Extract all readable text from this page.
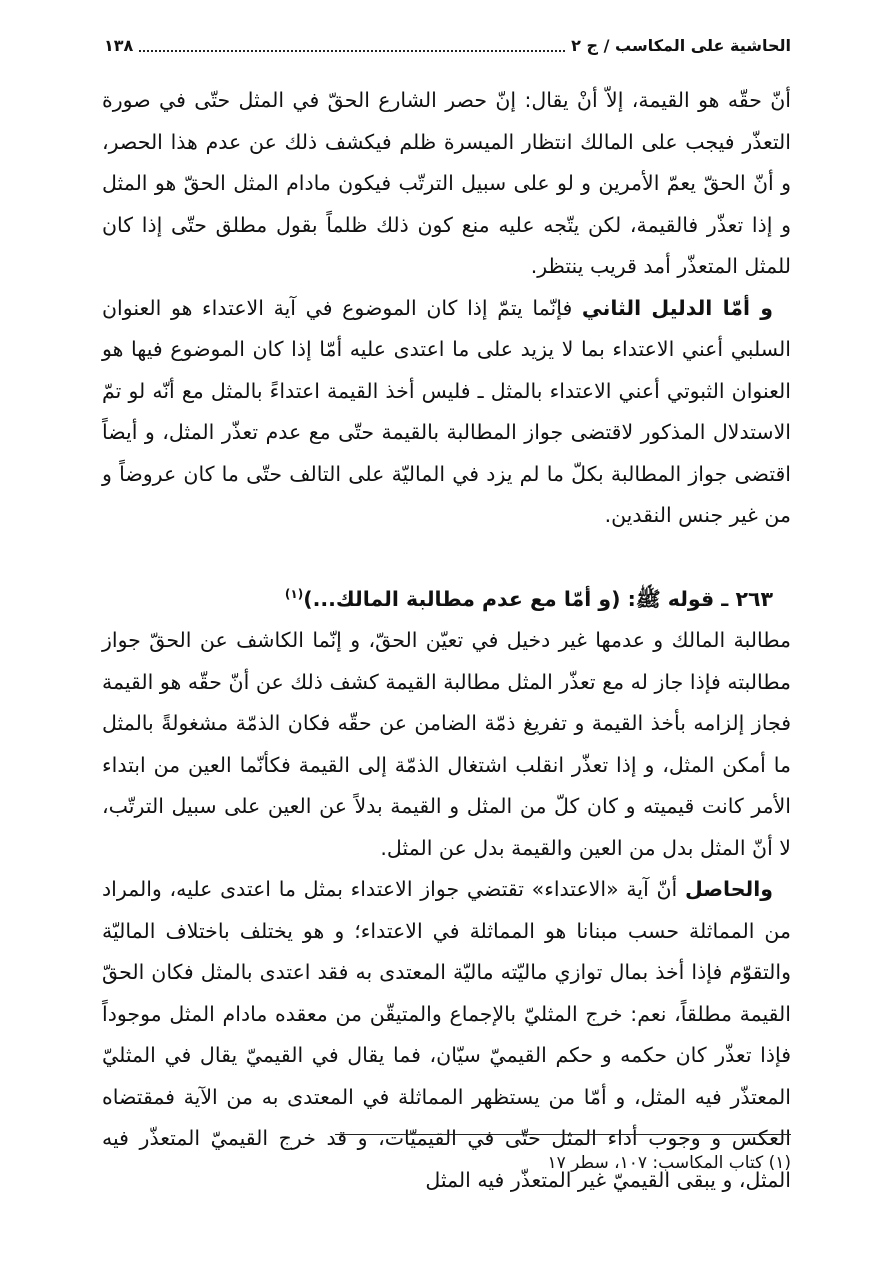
الحاشية على المكاسب / ج ٢
١٣٨

أنّ حقّه هو القيمة، إلاّ أنْ يقال: إنّ حصر الشارع الحقّ في المثل حتّى في صورة التعذّر فيجب على المالك انتظار الميسرة ظلم فيكشف ذلك عن عدم هذا الحصر، و أنّ الحقّ يعمّ الأمرين و لو على سبيل الترتّب فيكون مادام المثل الحقّ هو المثل و إذا تعذّر فالقيمة، لكن يتّجه عليه منع كون ذلك ظلماً بقول مطلق حتّى إذا كان للمثل المتعذّر أمد قريب ينتظر.

و أمّا الدليل الثاني فإنّما يتمّ إذا كان الموضوع في آية الاعتداء هو العنوان السلبي أعني الاعتداء بما لا يزيد على ما اعتدى عليه أمّا إذا كان الموضوع فيها هو العنوان الثبوتي أعني الاعتداء بالمثل ـ فليس أخذ القيمة اعتداءً بالمثل مع أنّه لو تمّ الاستدلال المذكور لاقتضى جواز المطالبة بالقيمة حتّى مع عدم تعذّر المثل، و أيضاً اقتضى جواز المطالبة بكلّ ما لم يزد في الماليّة على التالف حتّى ما كان عروضاً و من غير جنس النقدين.

٢٦٣ ـ قوله ﷺ: (و أمّا مع عدم مطالبة المالك...)$^{(١)}$

مطالبة المالك و عدمها غير دخيل في تعيّن الحقّ، و إنّما الكاشف عن الحقّ جواز مطالبته فإذا جاز له مع تعذّر المثل مطالبة القيمة كشف ذلك عن أنّ حقّه هو القيمة فجاز إلزامه بأخذ القيمة و تفريغ ذمّة الضامن عن حقّه فكان الذمّة مشغولةً بالمثل ما أمكن المثل، و إذا تعذّر انقلب اشتغال الذمّة إلى القيمة فكأنّما العين من ابتداء الأمر كانت قيميته و كان كلّ من المثل و القيمة بدلاً عن العين على سبيل الترتّب، لا أنّ المثل بدل من العين والقيمة بدل عن المثل.

والحاصل أنّ آية «الاعتداء» تقتضي جواز الاعتداء بمثل ما اعتدى عليه، والمراد من المماثلة حسب مبنانا هو المماثلة في الاعتداء؛ و هو يختلف باختلاف الماليّة والتقوّم فإذا أخذ بمال توازي ماليّته ماليّة المعتدى به فقد اعتدى بالمثل فكان الحقّ القيمة مطلقاً، نعم: خرج المثليّ بالإجماع والمتيقّن من معقده مادام المثل موجوداً فإذا تعذّر كان حكمه و حكم القيميّ سيّان، فما يقال في القيميّ يقال في المثليّ المعتذّر فيه المثل، و أمّا من يستظهر المماثلة في المعتدى به من الآية فمقتضاه العكس و وجوب أداء المثل حتّى في القيميّات، و قد خرج القيميّ المتعذّر فيه المثل، و يبقى القيميّ غير المتعذّر فيه المثل

(١) كتاب المكاسب: ١٠٧، سطر ١٧
